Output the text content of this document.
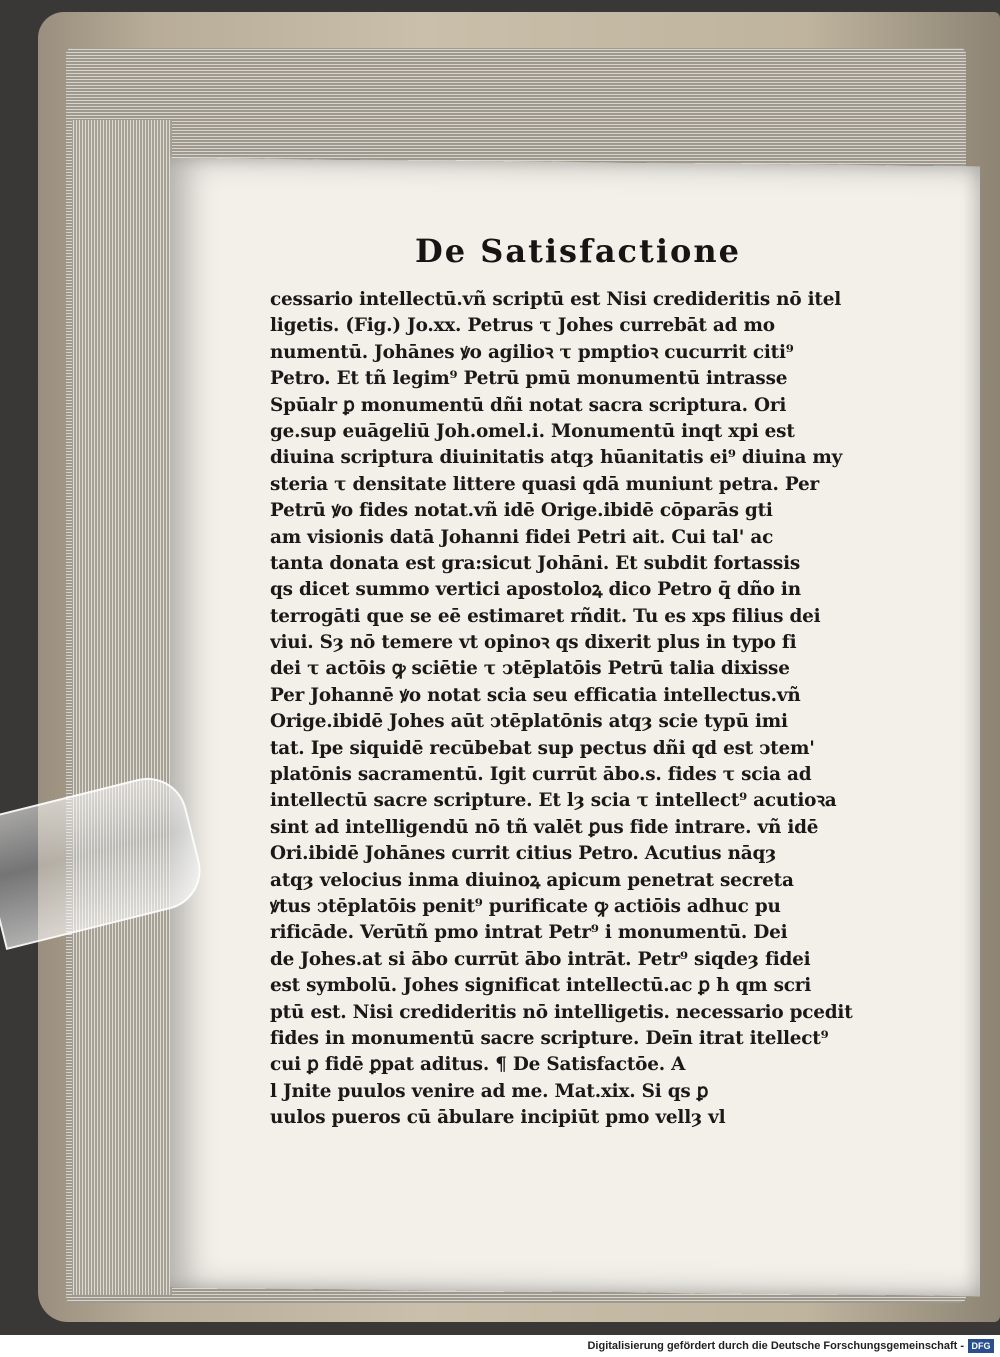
De Satisfactione
cessario intellectū.vñ scriptū est Nisi credideritis nō itel
ligetis. (Fig.) Jo.xx. Petrus τ Johes currebāt ad mo
numentū. Johānes ꝟo agilioꝛ τ pmptioꝛ cucurrit citi⁹
Petro. Et tñ legim⁹ Petrū pmū monumentū intrasse
Spūalr ꝑ monumentū dñi notat sacra scriptura. Ori
ge.sup euāgeliū Joh.omel.i. Monumentū inqt xpi est
diuina scriptura diuinitatis atqȝ hūanitatis ei⁹ diuina my
steria τ densitate littere quasi qdā muniunt petra. Per
Petrū ꝟo fides notat.vñ idē Orige.ibidē cōparās gti
am visionis datā Johanni fidei Petri ait. Cui tal' ac
tanta donata est gra:sicut Johāni. Et subdit fortassis
qs dicet summo vertici apostoloꝝ dico Petro q̄ dño in
terrogāti que se eē estimaret rñdit. Tu es xps filius dei
viui. Sȝ nō temere vt opinoꝛ qs dixerit plus in typo fi
dei τ actōis ꝙ sciētie τ ↄtēplatōis Petrū talia dixisse
Per Johannē ꝟo notat scia seu efficatia intellectus.vñ
Orige.ibidē Johes aūt ↄtēplatōnis atqȝ scie typū imi
tat. Ipe siquidē recūbebat sup pectus dñi qd est ↄtem'
platōnis sacramentū. Igit currūt ābo.s. fides τ scia ad
intellectū sacre scripture. Et lȝ scia τ intellect⁹ acutioꝛa
sint ad intelligendū nō tñ valēt ꝑus fide intrare. vñ idē
Ori.ibidē Johānes currit citius Petro. Acutius nāqȝ
atqȝ velocius inma diuinoꝝ apicum penetrat secreta
ꝟtus ↄtēplatōis penit⁹ purificate ꝙ actiōis adhuc pu
rificāde. Verūtñ pmo intrat Petr⁹ i monumentū. Dei
de Johes.at si ābo currūt ābo intrāt. Petr⁹ siqdeȝ fidei
est symbolū. Johes significat intellectū.ac ꝑ h qm scri
ptū est. Nisi credideritis nō intelligetis. necessario pcedit
fides in monumentū sacre scripture. Deīn itrat itellect⁹
cui ꝑ fidē ꝑpat aditus. ¶ De Satisfactōe. A
l Jnite puulos venire ad me. Mat.xix. Si qs ꝑ
uulos pueros cū ābulare incipiūt pmo vellȝ vl
Digitalisierung gefördert durch die Deutsche Forschungsgemeinschaft - DFG
